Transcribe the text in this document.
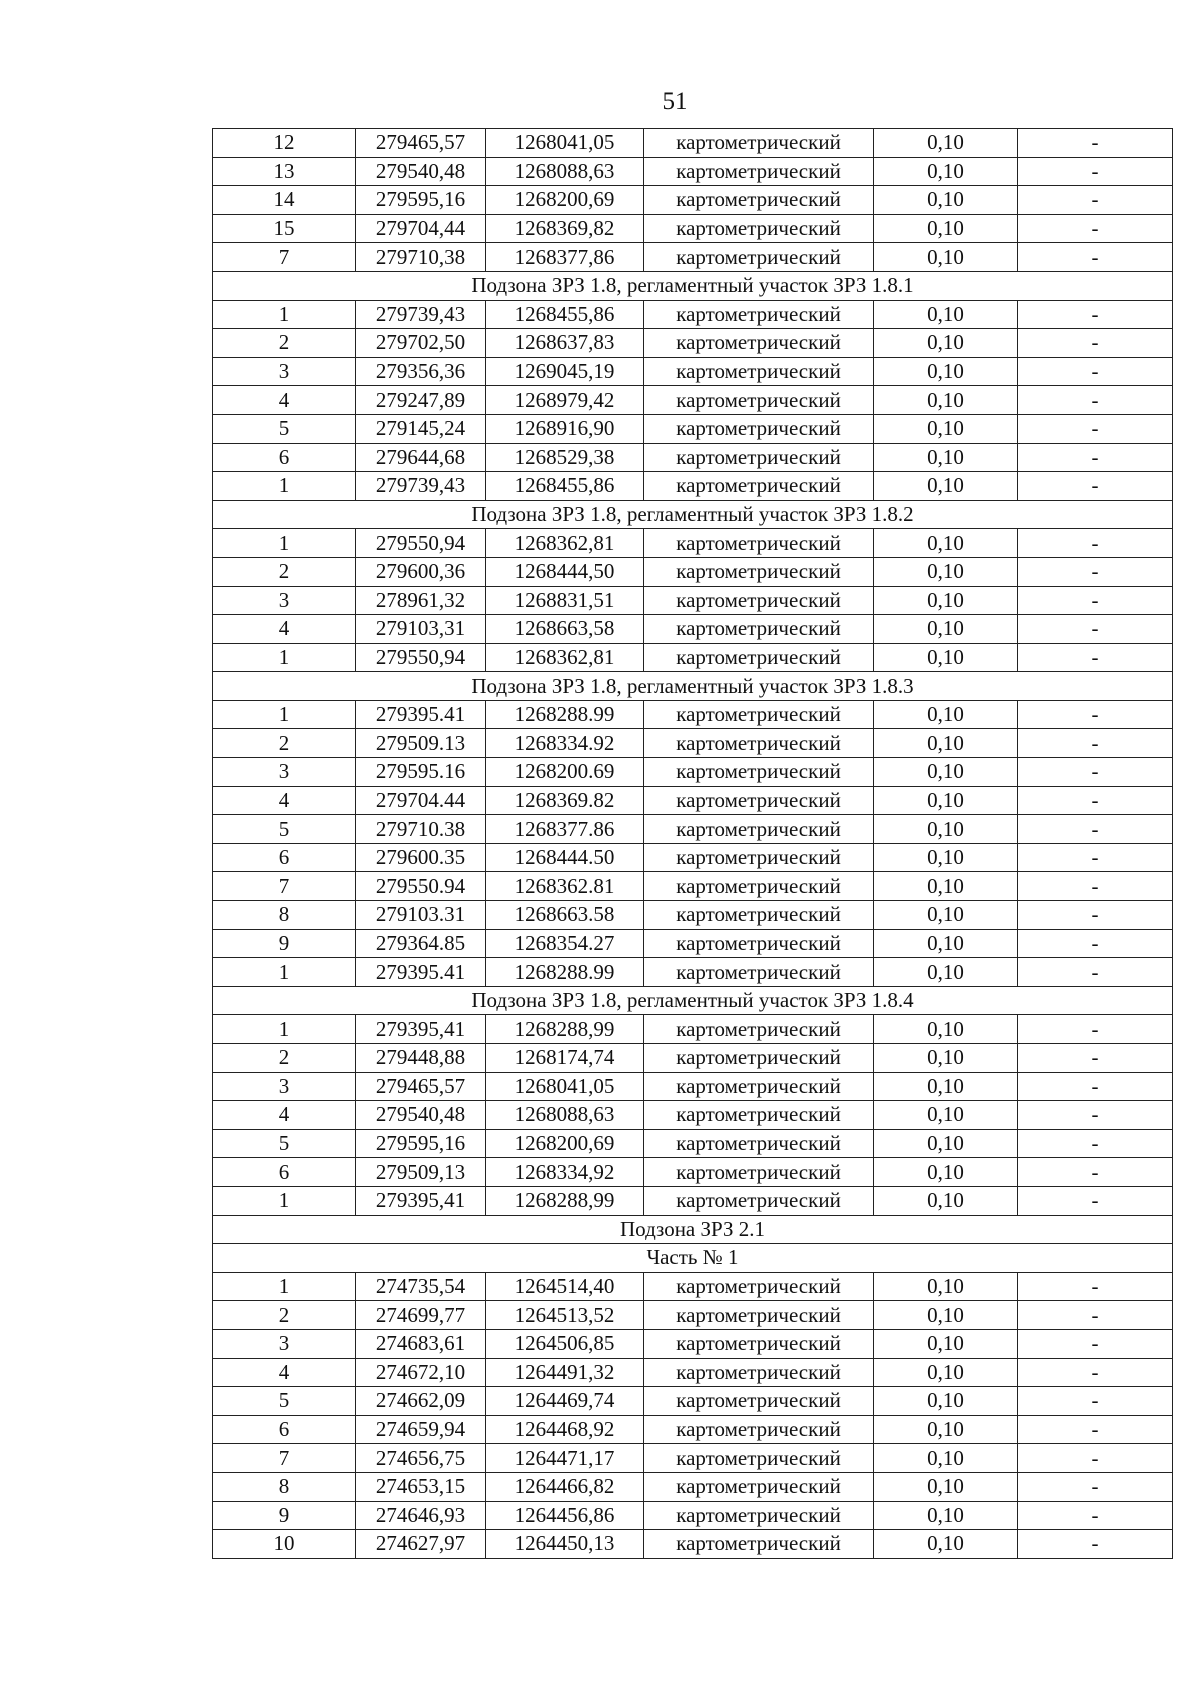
51
12	279465,57	1268041,05	картометрический	0,10	-
13	279540,48	1268088,63	картометрический	0,10	-
14	279595,16	1268200,69	картометрический	0,10	-
15	279704,44	1268369,82	картометрический	0,10	-
7	279710,38	1268377,86	картометрический	0,10	-
Подзона ЗРЗ 1.8, регламентный участок ЗРЗ 1.8.1					
1	279739,43	1268455,86	картометрический	0,10	-
2	279702,50	1268637,83	картометрический	0,10	-
3	279356,36	1269045,19	картометрический	0,10	-
4	279247,89	1268979,42	картометрический	0,10	-
5	279145,24	1268916,90	картометрический	0,10	-
6	279644,68	1268529,38	картометрический	0,10	-
1	279739,43	1268455,86	картометрический	0,10	-
Подзона ЗРЗ 1.8, регламентный участок ЗРЗ 1.8.2					
1	279550,94	1268362,81	картометрический	0,10	-
2	279600,36	1268444,50	картометрический	0,10	-
3	278961,32	1268831,51	картометрический	0,10	-
4	279103,31	1268663,58	картометрический	0,10	-
1	279550,94	1268362,81	картометрический	0,10	-
Подзона ЗРЗ 1.8, регламентный участок ЗРЗ 1.8.3					
1	279395.41	1268288.99	картометрический	0,10	-
2	279509.13	1268334.92	картометрический	0,10	-
3	279595.16	1268200.69	картометрический	0,10	-
4	279704.44	1268369.82	картометрический	0,10	-
5	279710.38	1268377.86	картометрический	0,10	-
6	279600.35	1268444.50	картометрический	0,10	-
7	279550.94	1268362.81	картометрический	0,10	-
8	279103.31	1268663.58	картометрический	0,10	-
9	279364.85	1268354.27	картометрический	0,10	-
1	279395.41	1268288.99	картометрический	0,10	-
Подзона ЗРЗ 1.8, регламентный участок ЗРЗ 1.8.4					
1	279395,41	1268288,99	картометрический	0,10	-
2	279448,88	1268174,74	картометрический	0,10	-
3	279465,57	1268041,05	картометрический	0,10	-
4	279540,48	1268088,63	картометрический	0,10	-
5	279595,16	1268200,69	картометрический	0,10	-
6	279509,13	1268334,92	картометрический	0,10	-
1	279395,41	1268288,99	картометрический	0,10	-
Подзона ЗРЗ 2.1					
Часть № 1					
1	274735,54	1264514,40	картометрический	0,10	-
2	274699,77	1264513,52	картометрический	0,10	-
3	274683,61	1264506,85	картометрический	0,10	-
4	274672,10	1264491,32	картометрический	0,10	-
5	274662,09	1264469,74	картометрический	0,10	-
6	274659,94	1264468,92	картометрический	0,10	-
7	274656,75	1264471,17	картометрический	0,10	-
8	274653,15	1264466,82	картометрический	0,10	-
9	274646,93	1264456,86	картометрический	0,10	-
10	274627,97	1264450,13	картометрический	0,10	-
